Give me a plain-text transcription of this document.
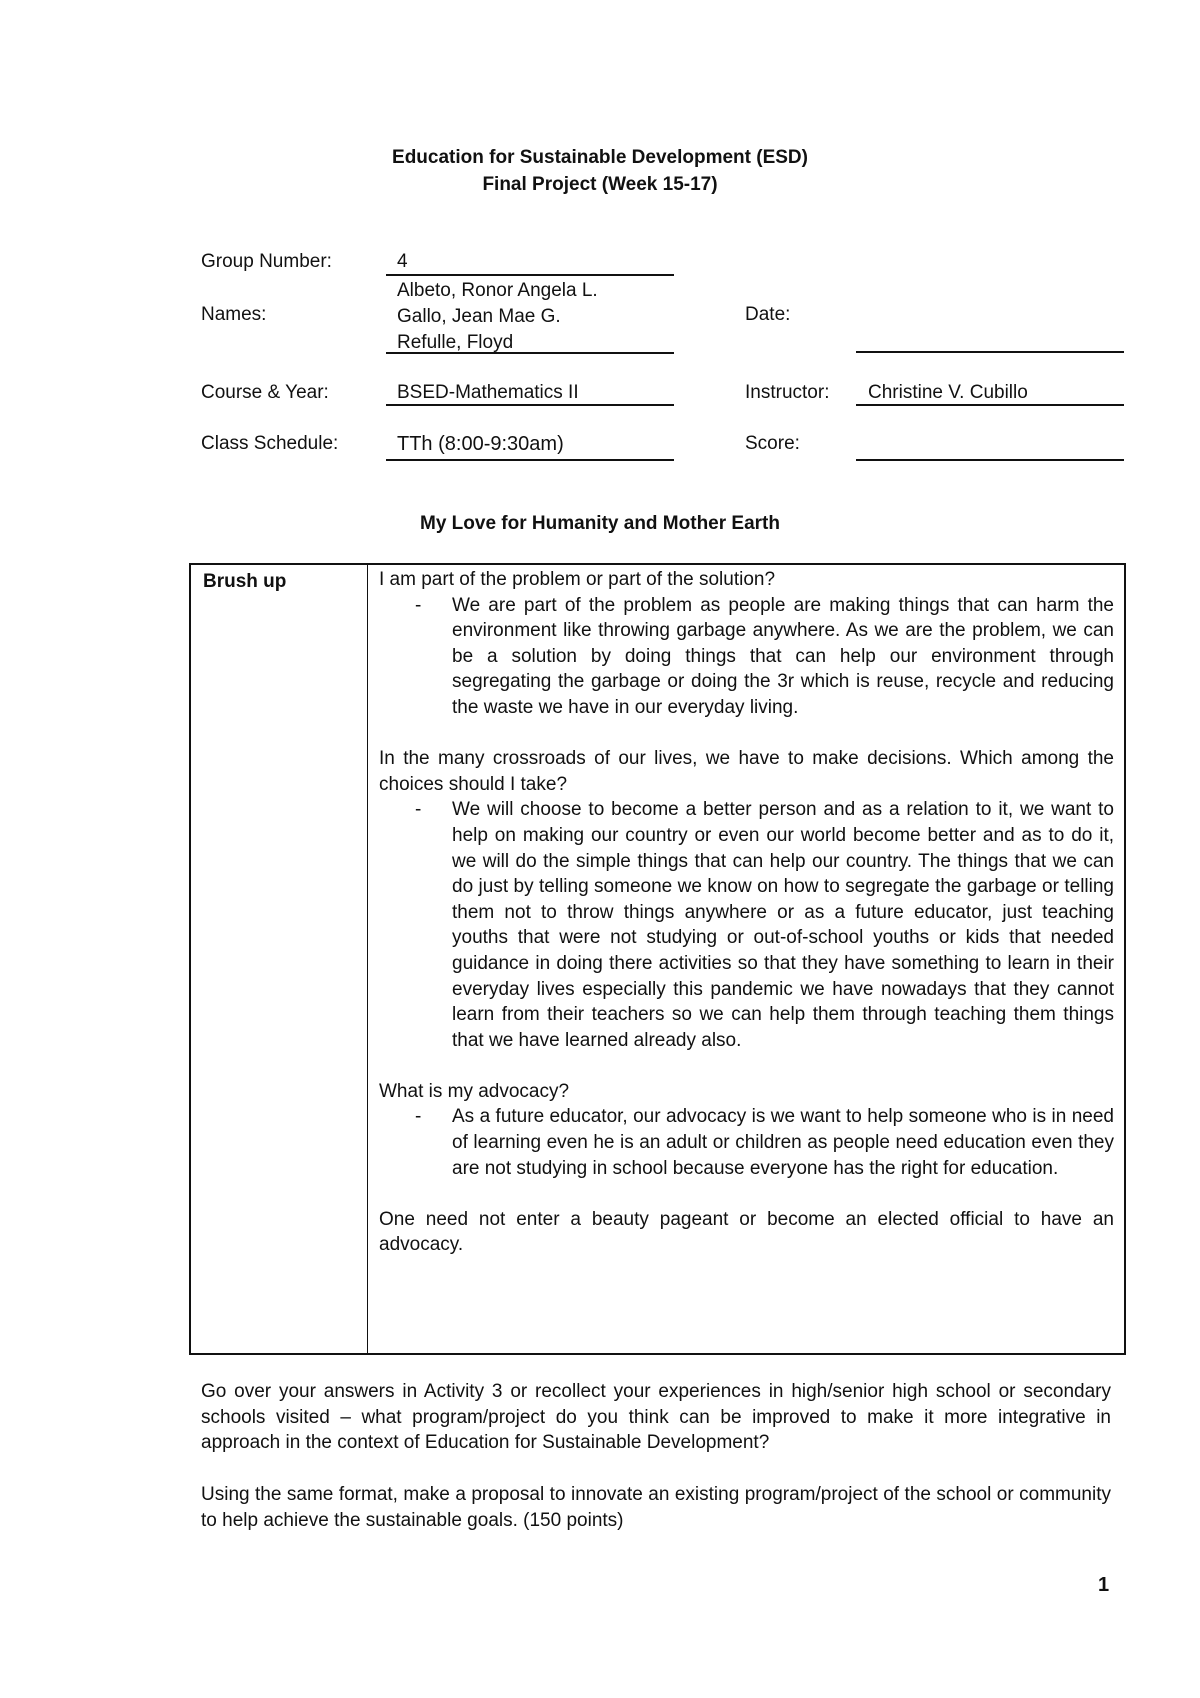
Education for Sustainable Development (ESD)
Final Project (Week 15-17)
Group Number:	4
Names:
Albeto, Ronor Angela L.
Gallo, Jean Mae G.
Refulle, Floyd
Date:
Course & Year:	BSED-Mathematics II	Instructor: Christine V. Cubillo
Class Schedule:	TTh (8:00-9:30am)	Score:
My Love for Humanity and Mother Earth
Brush up	I am part of the problem or part of the solution?

- We are part of the problem as people are making things that can harm the environment like throwing garbage anywhere. As we are the problem, we can be a solution by doing things that can help our environment through segregating the garbage or doing the 3r which is reuse, recycle and reducing the waste we have in our everyday living.

In the many crossroads of our lives, we have to make decisions. Which among the choices should I take?

- We will choose to become a better person and as a relation to it, we want to help on making our country or even our world become better and as to do it, we will do the simple things that can help our country. The things that we can do just by telling someone we know on how to segregate the garbage or telling them not to throw things anywhere or as a future educator, just teaching youths that were not studying or out-of-school youths or kids that needed guidance in doing there activities so that they have something to learn in their everyday lives especially this pandemic we have nowadays that they cannot learn from their teachers so we can help them through teaching them things that we have learned already also.

What is my advocacy?

- As a future educator, our advocacy is we want to help someone who is in need of learning even he is an adult or children as people need education even they are not studying in school because everyone has the right for education.

One need not enter a beauty pageant or become an elected official to have an advocacy.

Go over your answers in Activity 3 or recollect your experiences in high/senior high school or secondary schools visited – what program/project do you think can be improved to make it more integrative in approach in the context of Education for Sustainable Development?

Using the same format, make a proposal to innovate an existing program/project of the school or community to help achieve the sustainable goals. (150 points)

1
